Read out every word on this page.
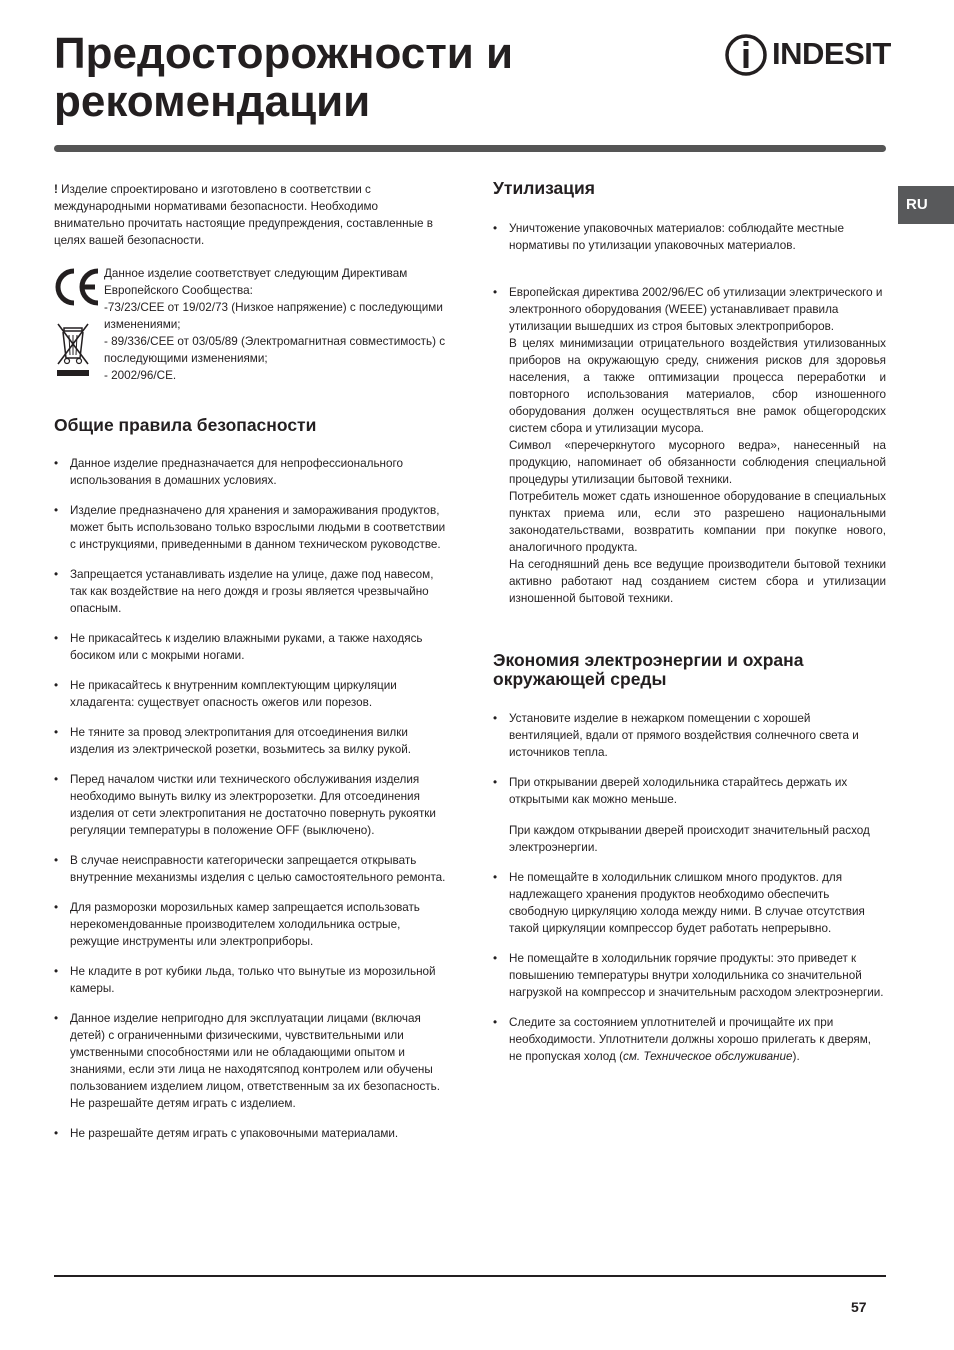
Предосторожности и рекомендации
INDESIT
RU

! Изделие спроектировано и изготовлено в соответствии с международными нормативами безопасности. Необходимо внимательно прочитать настоящие предупреждения, составленные в целях вашей безопасности.

Данное изделие соответствует следующим Директивам Европейского Сообщества:

-73/23/CEE от 19/02/73 (Низкое напряжение) с последующими изменениями;

- 89/336/CEE от 03/05/89 (Электромагнитная совместимость) с последующими изменениями;

- 2002/96/CE.

Общие правила безопасности
• Данное изделие предназначается для непрофессионального использования в домашних условиях.
• Изделие предназначено для хранения и замораживания продуктов, может быть использовано только взрослыми людьми в соответствии с инструкциями, приведенными в данном техническом руководстве.
• Запрещается устанавливать изделие на улице, даже под навесом, так как воздействие на него дождя и грозы является чрезвычайно опасным.
• Не прикасайтесь к изделию влажными руками, а также находясь босиком или с мокрыми ногами.
• Не прикасайтесь к внутренним комплектующим циркуляции хладагента: существует опасность ожегов или порезов.
• Не тяните за провод электропитания для отсоединения вилки изделия из электрической розетки, возьмитесь за вилку рукой.
• Перед началом чистки или технического обслуживания изделия необходимо вынуть вилку из электророзетки. Для отсоединения изделия от сети электропитания не достаточно повернуть рукоятки регуляции температуры в положение OFF (выключено).
• В случае неисправности категорически запрещается открывать внутренние механизмы изделия с целью самостоятельного ремонта.
• Для разморозки морозильных камер запрещается использовать нерекомендованные производителем холодильника острые, режущие инструменты или электроприборы.
• Не кладите в рот кубики льда, только что вынутые из морозильной камеры.
• Данное изделие непригодно для эксплуатации лицами (включая детей) с ограниченными физическими, чувствительными или умственными способностями или не обладающими опытом и знаниями, если эти лица не находятсяпод контролем или обучены пользованием изделием лицом, ответственным за их безопасность. Не разрешайте детям играть с изделием.
• Не разрешайте детям играть с упаковочными материалами.
Утилизация
• Уничтожение упаковочных материалов: соблюдайте местные нормативы по утилизации упаковочных материалов.

• Европейская директива 2002/96/EC об утилизации электрического и электронного оборудования (WEEE) устанавливает правила утилизации вышедших из строя бытовых электроприборов.

В целях минимизации отрицательного воздействия утилизованных приборов на окружающую среду, снижения рисков для здоровья населения, а также оптимизации процесса переработки и повторного использования материалов, сбор изношенного оборудования должен осуществляться вне рамок общегородских систем сбора и утилизации мусора.

Символ «перечеркнутого мусорного ведра», нанесенный на продукцию, напоминает об обязанности соблюдения специальной процедуры утилизации бытовой техники.

Потребитель может сдать изношенное оборудование в специальных пунктах приема или, если это разрешено национальными законодательствами, возвратить компании при покупке нового, аналогичного продукта.

На сегодняшний день все ведущие производители бытовой техники активно работают над созданием систем сбора и утилизации изношенной бытовой техники.

Экономия электроэнергии и охрана окружающей среды
• Установите изделие в нежарком помещении с хорошей вентиляцией, вдали от прямого воздействия солнечного света и источников тепла.

• При открывании дверей холодильника старайтесь держать их открытыми как можно меньше.

При каждом открывании дверей происходит значительный расход электроэнергии.

• Не помещайте в холодильник слишком много продуктов. для надлежащего хранения продуктов необходимо обеспечить свободную циркуляцию холода между ними. В случае отсутствия такой циркуляции компрессор будет работать непрерывно.
• Не помещайте в холодильник горячие продукты: это приведет к повышению температуры внутри холодильника со значительной нагрузкой на компрессор и значительным расходом электроэнергии.
• Следите за состоянием уплотнителей и прочищайте их при необходимости. Уплотнители должны хорошо прилегать к дверям, не пропуская холод (см. Техническое обслуживание).
57
